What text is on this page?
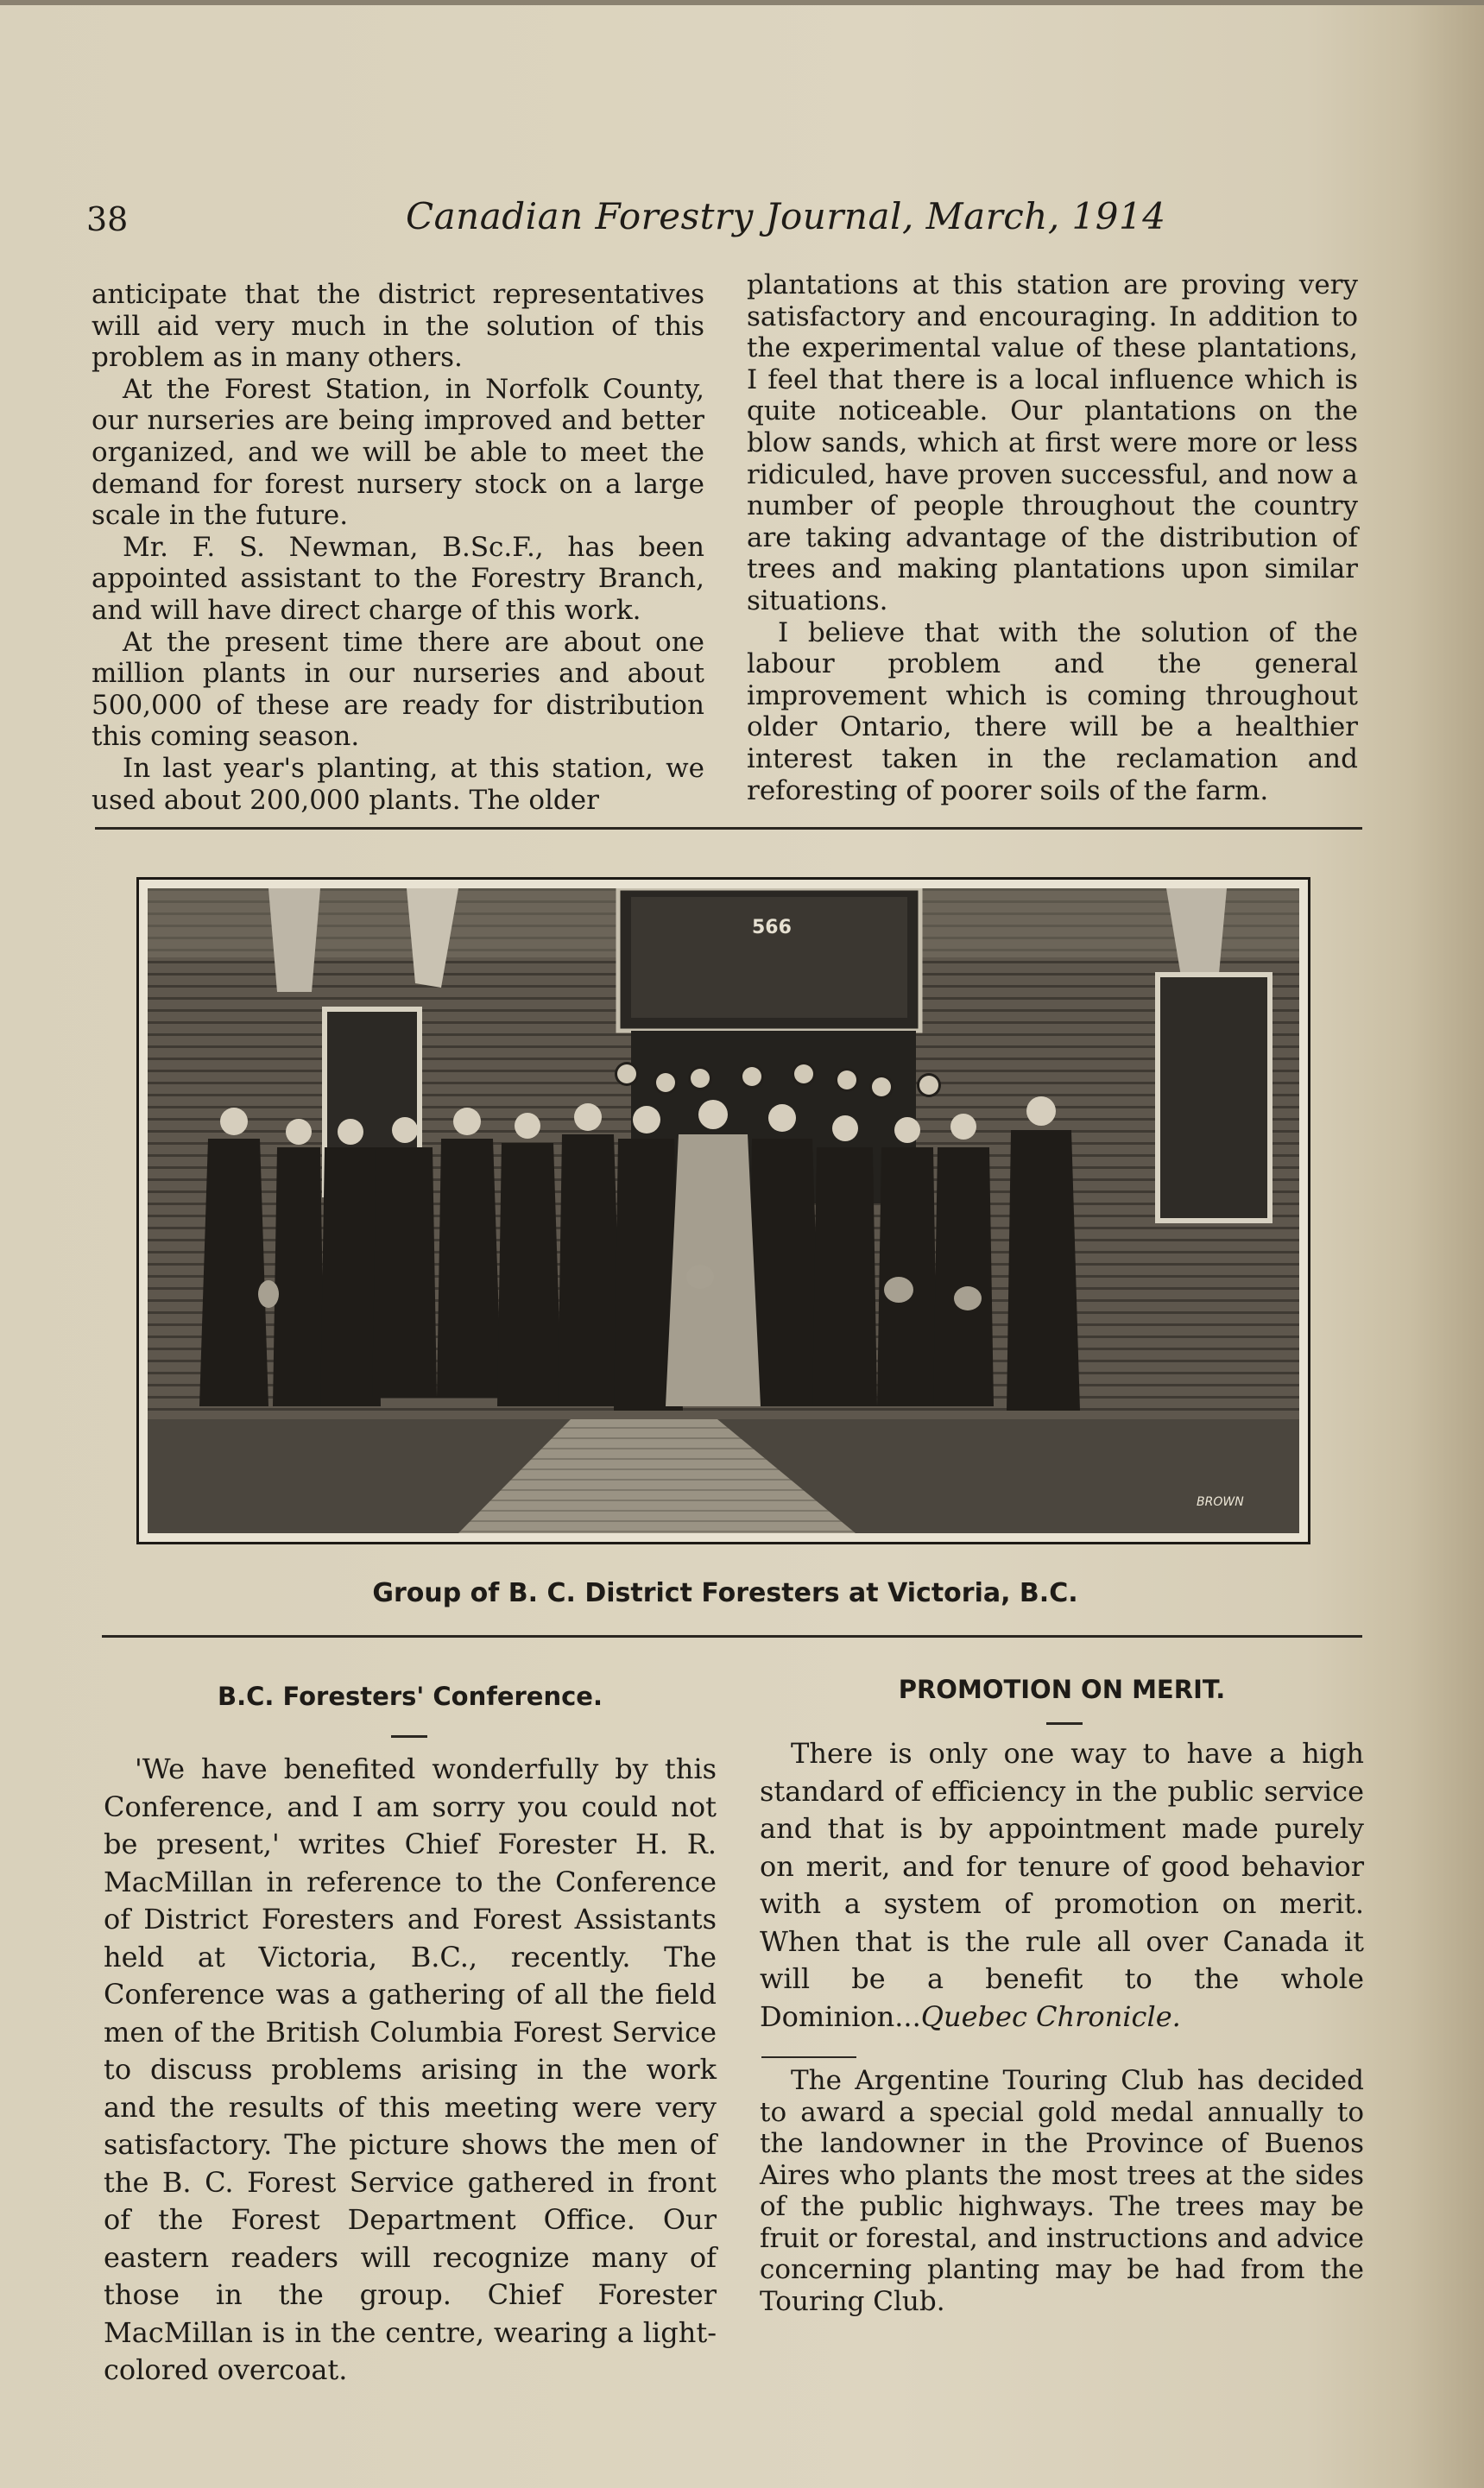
38	Canadian Forestry Journal, March, 1914

anticipate that the district representatives will aid very much in the solution of this problem as in many others.

At the Forest Station, in Norfolk County, our nurseries are being improved and better organized, and we will be able to meet the demand for forest nursery stock on a large scale in the future.

Mr. F. S. Newman, B.Sc.F., has been appointed assistant to the Forestry Branch, and will have direct charge of this work.

At the present time there are about one million plants in our nurseries and about 500,000 of these are ready for distribution this coming season.

In last year's planting, at this station, we used about 200,000 plants. The older

plantations at this station are proving very satisfactory and encouraging. In addition to the experimental value of these plantations, I feel that there is a local influence which is quite noticeable. Our plantations on the blow sands, which at first were more or less ridiculed, have proven successful, and now a number of people throughout the country are taking advantage of the distribution of trees and making plantations upon similar situations.

I believe that with the solution of the labour problem and the general improvement which is coming throughout older Ontario, there will be a healthier interest taken in the reclamation and reforesting of poorer soils of the farm.

566
BROWN
Group of B. C. District Foresters at Victoria, B.C.
B.C. Foresters' Conference.

'We have benefited wonderfully by this Conference, and I am sorry you could not be present,' writes Chief Forester H. R. MacMillan in reference to the Conference of District Foresters and Forest Assistants held at Victoria, B.C., recently. The Conference was a gathering of all the field men of the British Columbia Forest Service to discuss problems arising in the work and the results of this meeting were very satisfactory. The picture shows the men of the B. C. Forest Service gathered in front of the Forest Department Office. Our eastern readers will recognize many of those in the group. Chief Forester MacMillan is in the centre, wearing a light-colored overcoat.

PROMOTION ON MERIT.

There is only one way to have a high standard of efficiency in the public service and that is by appointment made purely on merit, and for tenure of good behavior with a system of promotion on merit. When that is the rule all over Canada it will be a benefit to the whole Dominion...Quebec Chronicle.

The Argentine Touring Club has decided to award a special gold medal annually to the landowner in the Province of Buenos Aires who plants the most trees at the sides of the public highways. The trees may be fruit or forestal, and instructions and advice concerning planting may be had from the Touring Club.
